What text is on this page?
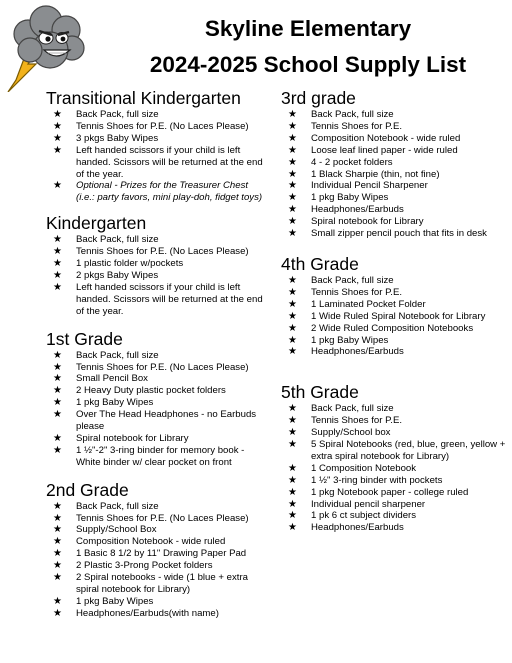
Skyline Elementary
2024-2025 School Supply List
Transitional Kindergarten
★ Back Pack, full size
★ Tennis Shoes for P.E. (No Laces Please)
★ 3 pkgs Baby Wipes
★ Left handed scissors if your child is left handed. Scissors will be returned at the end of the year.
★ Optional - Prizes for the Treasurer Chest (i.e.: party favors, mini play-doh, fidget toys)
Kindergarten
★ Back Pack, full size
★ Tennis Shoes for P.E. (No Laces Please)
★ 1 plastic folder w/pockets
★ 2 pkgs Baby Wipes
★ Left handed scissors if your child is left handed. Scissors will be returned at the end of the year.
1st Grade
★ Back Pack, full size
★ Tennis Shoes for P.E. (No Laces Please)
★ Small Pencil Box
★ 2 Heavy Duty plastic pocket folders
★ 1 pkg Baby Wipes
★ Over The Head Headphones - no Earbuds please
★ Spiral notebook for Library
★ 1 ½"-2" 3-ring binder for memory book - White binder w/ clear pocket on front
2nd Grade
★ Back Pack, full size
★ Tennis Shoes for P.E. (No Laces Please)
★ Supply/School Box
★ Composition Notebook - wide ruled
★ 1 Basic 8 1/2 by 11" Drawing Paper Pad
★ 2 Plastic 3-Prong Pocket folders
★ 2 Spiral notebooks - wide (1 blue + extra spiral notebook for Library)
★ 1 pkg Baby Wipes
★ Headphones/Earbuds(with name)
3rd grade
★ Back Pack, full size
★ Tennis Shoes for P.E.
★ Composition Notebook - wide ruled
★ Loose leaf lined paper - wide ruled
★ 4 - 2 pocket folders
★ 1 Black Sharpie (thin, not fine)
★ Individual Pencil Sharpener
★ 1 pkg Baby Wipes
★ Headphones/Earbuds
★ Spiral notebook for Library
★ Small zipper pencil pouch that fits in desk
4th Grade
★ Back Pack, full size
★ Tennis Shoes for P.E.
★ 1 Laminated Pocket Folder
★ 1 Wide Ruled Spiral Notebook for Library
★ 2 Wide Ruled Composition Notebooks
★ 1 pkg Baby Wipes
★ Headphones/Earbuds
5th Grade
★ Back Pack, full size
★ Tennis Shoes for P.E.
★ Supply/School box
★ 5 Spiral Notebooks (red, blue, green, yellow + extra spiral notebook for Library)
★ 1 Composition Notebook
★ 1 ½" 3-ring binder with pockets
★ 1 pkg Notebook paper - college ruled
★ Individual pencil sharpener
★ 1 pk 6 ct subject dividers
★ Headphones/Earbuds
